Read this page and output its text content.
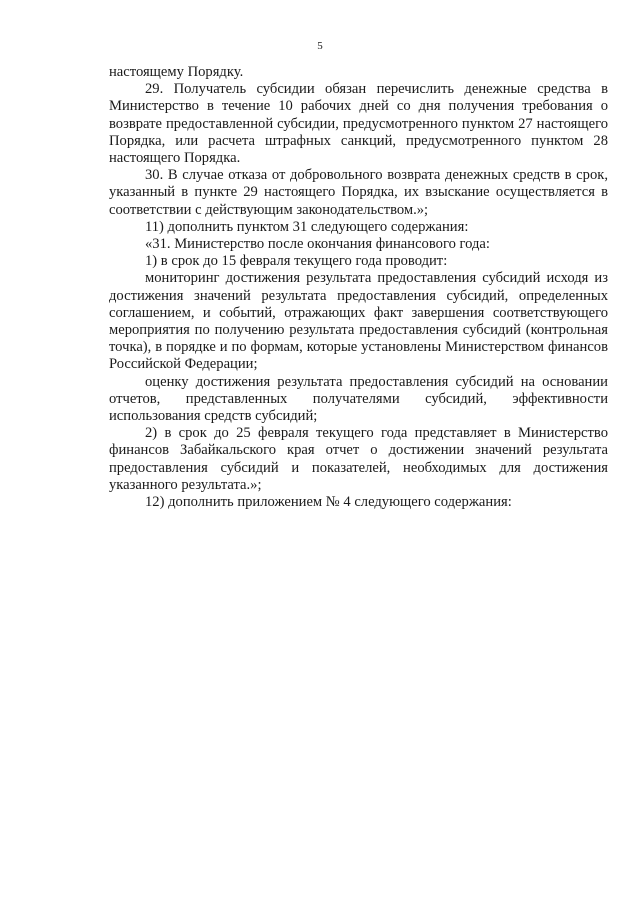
5

настоящему Порядку.

29. Получатель субсидии обязан перечислить денежные средства в Министерство в течение 10 рабочих дней со дня получения требования о возврате предоставленной субсидии, предусмотренного пунктом 27 настоящего Порядка, или расчета штрафных санкций, предусмотренного пунктом 28 настоящего Порядка.

30. В случае отказа от добровольного возврата денежных средств в срок, указанный в пункте 29 настоящего Порядка, их взыскание осуществляется в соответствии с действующим законодательством.»;

11) дополнить пунктом 31 следующего содержания:

«31. Министерство после окончания финансового года:

1) в срок до 15 февраля текущего года проводит:

мониторинг достижения результата предоставления субсидий исходя из достижения значений результата предоставления субсидий, определенных соглашением, и событий, отражающих факт завершения соответствующего мероприятия по получению результата предоставления субсидий (контрольная точка), в порядке и по формам, которые установлены Министерством финансов Российской Федерации;

оценку достижения результата предоставления субсидий на основании отчетов, представленных получателями субсидий, эффективности использования средств субсидий;

2) в срок до 25 февраля текущего года представляет в Министерство финансов Забайкальского края отчет о достижении значений результата предоставления субсидий и показателей, необходимых для достижения указанного результата.»;

12) дополнить приложением № 4 следующего содержания:
